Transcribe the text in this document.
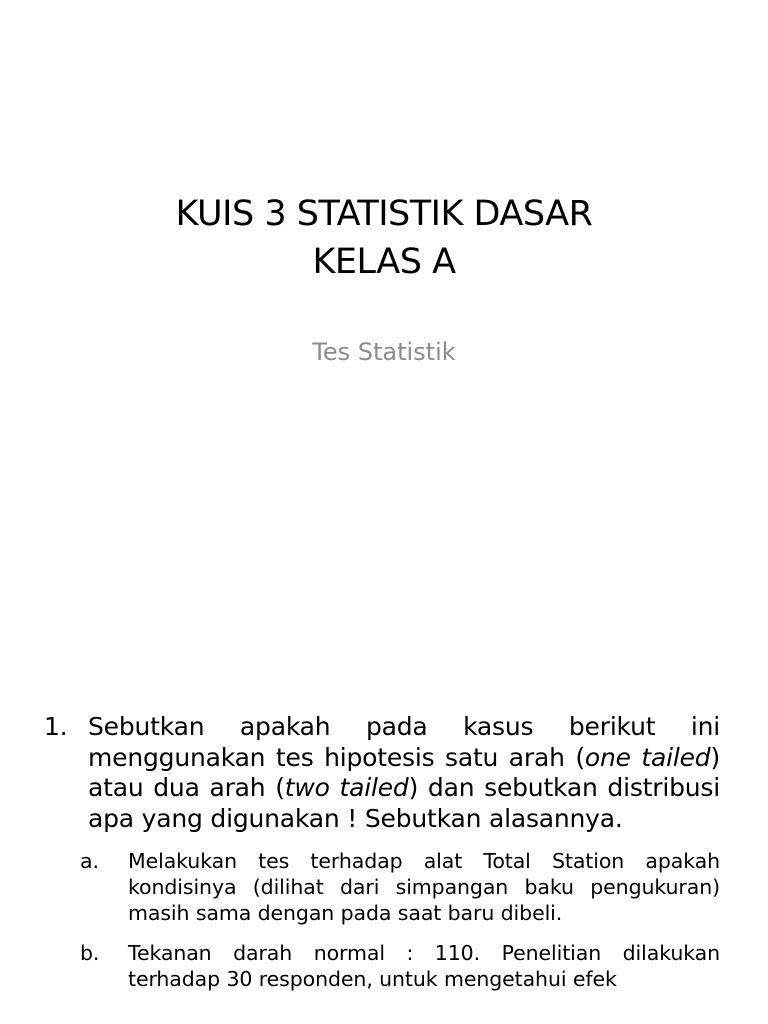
KUIS 3 STATISTIK DASAR
KELAS A
Tes Statistik
1. Sebutkan apakah pada kasus berikut ini menggunakan tes hipotesis satu arah (one tailed) atau dua arah (two tailed) dan sebutkan distribusi apa yang digunakan ! Sebutkan alasannya.
a. Melakukan tes terhadap alat Total Station apakah kondisinya (dilihat dari simpangan baku pengukuran) masih sama dengan pada saat baru dibeli.
b. Tekanan darah normal : 110. Penelitian dilakukan terhadap 30 responden, untuk mengetahui efek
